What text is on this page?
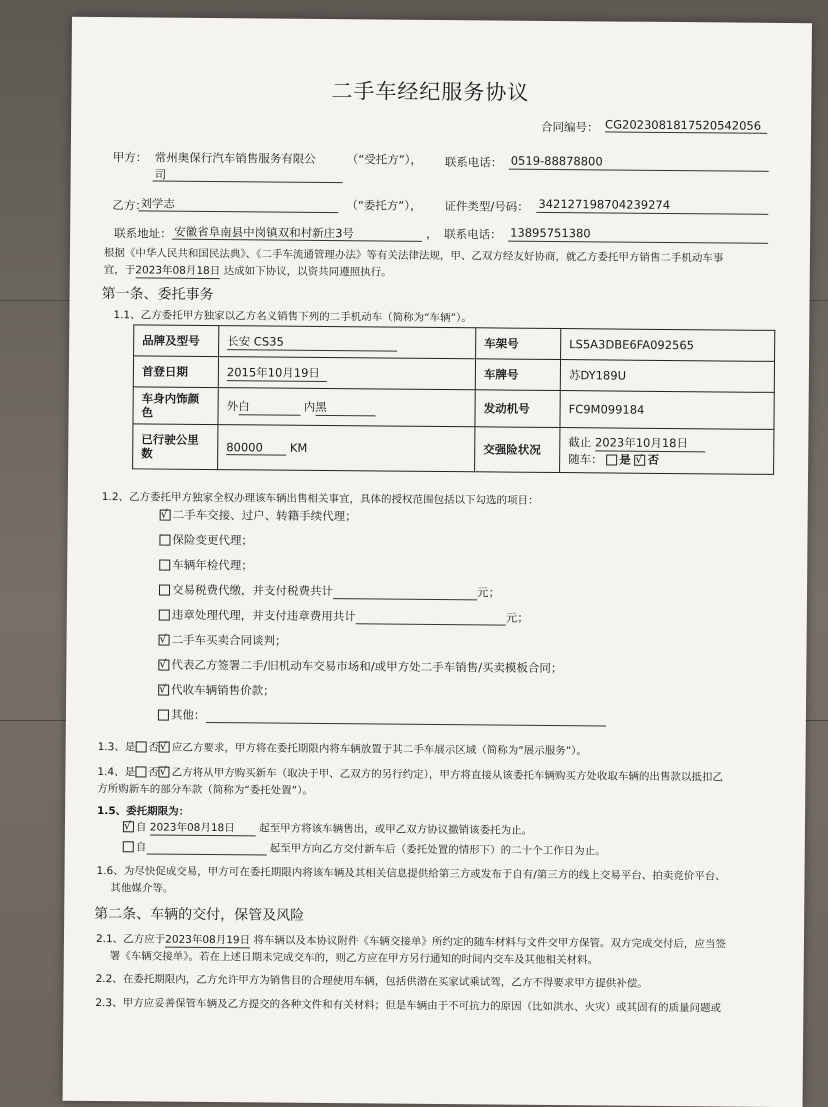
二手车经纪服务协议
合同编号： CG2023081817520542056
甲方： 常州奥保行汽车销售服务有限公
司
（“受托方”）， 联系电话： 0519-88878800
乙方：
刘学志	（“委托方”）， 证件类型/号码： 342127198704239274
联系地址： 安徽省阜南县中岗镇双和村新庄3号	， 联系电话： 13895751380
根据《中华人民共和国民法典》、《二手车流通管理办法》等有关法律法规，甲、乙双方经友好协商，就乙方委托甲方销售二手机动车事
宜，于2023年08月18日 达成如下协议，以资共同遵照执行。
第一条、委托事务
1.1、乙方委托甲方独家以乙方名义销售下列的二手机动车（简称为“车辆”）。
品牌及型号	长安 CS35	车架号	LS5A3DBE6FA092565
首登日期	2015年10月19日	车牌号	苏DY189U
车身内饰颜色	外白 内黑	发动机号	FC9M099184
已行驶公里数	80000 KM	交强险状况	截止 2023年10月18日
随车： 是 √ 否
1.2、乙方委托甲方独家全权办理该车辆出售相关事宜，具体的授权范围包括以下勾选的项目：
√二手车交接、过户、转籍手续代理；
保险变更代理；
车辆年检代理；
交易税费代缴，并支付税费共计	元；
违章处理代理，并支付违章费用共计	元；
√二手车买卖合同谈判；
√代表乙方签署二手/旧机动车交易市场和/或甲方处二手车销售/买卖模板合同；
√代收车辆销售价款；
其他：
1.3、是 否 √ 应乙方要求，甲方将在委托期限内将车辆放置于其二手车展示区域（简称为“展示服务”）。
1.4、是 否 √ 乙方将从甲方购买新车（取决于甲、乙双方的另行约定），甲方将直接从该委托车辆购买方处收取车辆的出售款以抵扣乙
方所购新车的部分车款（简称为“委托处置”）。
1.5、委托期限为：
√自 2023年08月18日 起至甲方将该车辆售出，或甲乙双方协议撤销该委托为止。
自	起至甲方向乙方交付新车后（委托处置的情形下）的二十个工作日为止。
1.6、为尽快促成交易，甲方可在委托期限内将该车辆及其相关信息提供给第三方或发布于自有/第三方的线上交易平台、拍卖竞价平台、
其他媒介等。
第二条、车辆的交付，保管及风险
2.1、乙方应于2023年08月19日 将车辆以及本协议附件《车辆交接单》所约定的随车材料与文件交甲方保管。双方完成交付后，应当签
署《车辆交接单》。若在上述日期未完成交车的，则乙方应在甲方另行通知的时间内交车及其他相关材料。
2.2、在委托期限内，乙方允许甲方为销售目的合理使用车辆，包括供潜在买家试乘试驾，乙方不得要求甲方提供补偿。
2.3、甲方应妥善保管车辆及乙方提交的各种文件和有关材料；但是车辆由于不可抗力的原因（比如洪水、火灾）或其固有的质量问题或
